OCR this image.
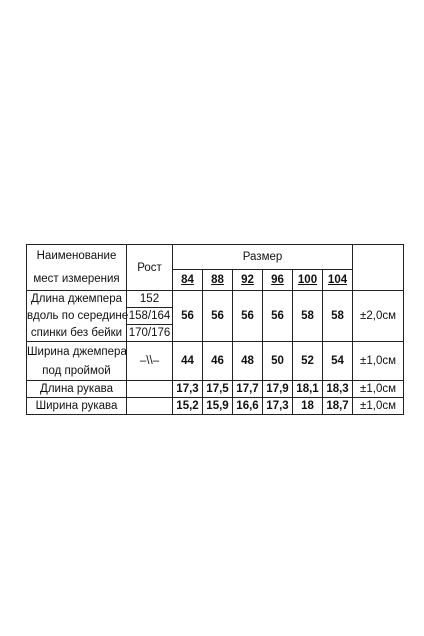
Наименование
мест измерения	Рост	Размер						
		84	88	92	96	100	104	
Длина джемпера	152	56	56	56	56	58	58	±2,0см
вдоль по середине	158/164							
спинки без бейки	170/176							

Ширина джемпера
под проймой	–\\–	44	46	48	50	52	54	±1,0см
Длина рукава		17,3	17,5	17,7	17,9	18,1	18,3	±1,0см
Ширина рукава		15,2	15,9	16,6	17,3	18	18,7	±1,0см
